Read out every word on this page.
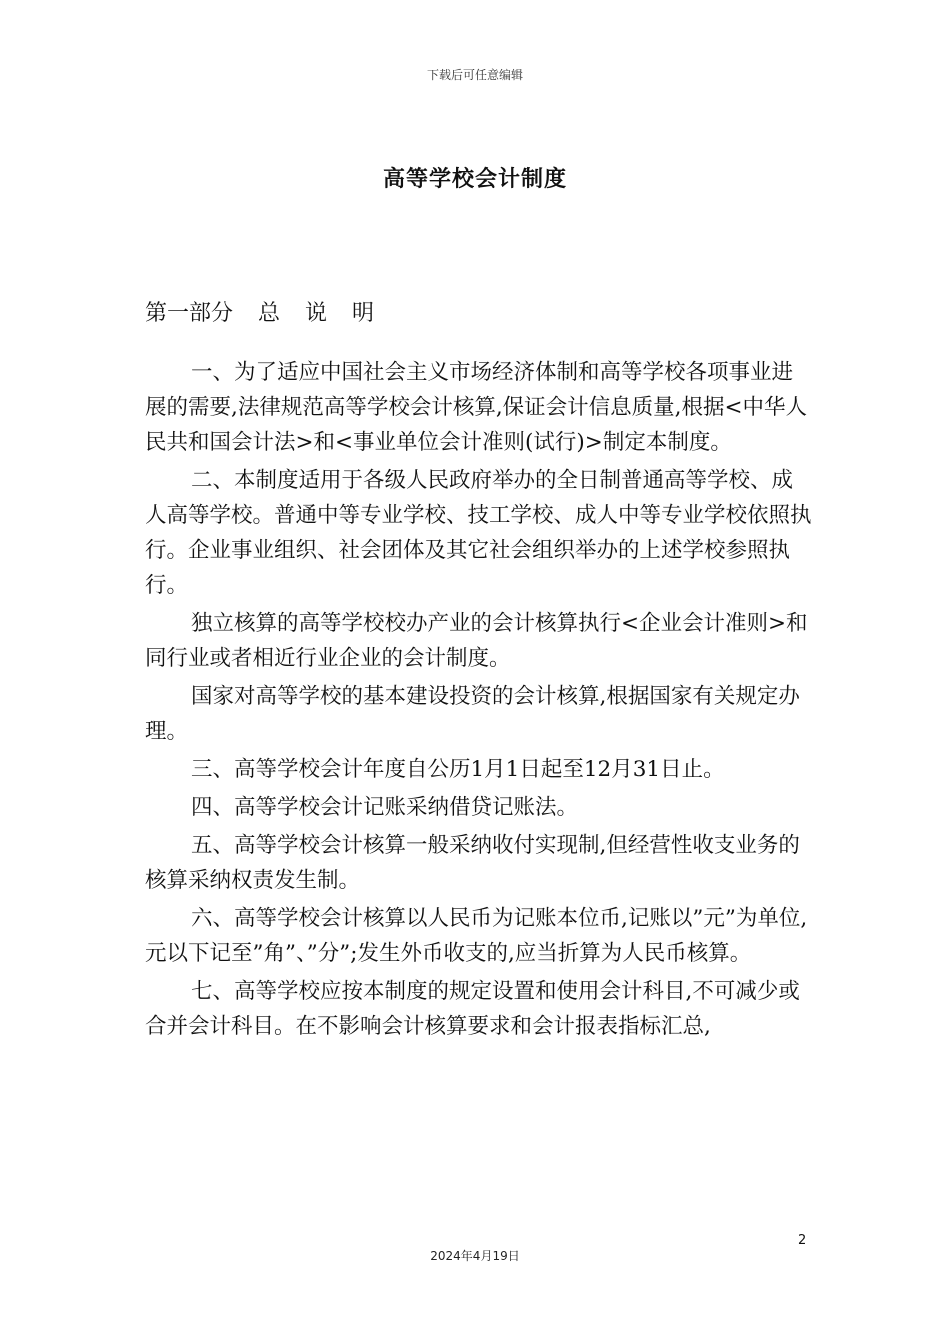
下载后可任意编辑
高等学校会计制度
第一部分 总 说 明

一、为了适应中国社会主义市场经济体制和高等学校各项事业进展的需要,法律规范高等学校会计核算,保证会计信息质量,根据<中华人民共和国会计法>和<事业单位会计准则(试行)>制定本制度。

二、本制度适用于各级人民政府举办的全日制普通高等学校、成人高等学校。普通中等专业学校、技工学校、成人中等专业学校依照执行。企业事业组织、社会团体及其它社会组织举办的上述学校参照执行。

独立核算的高等学校校办产业的会计核算执行<企业会计准则>和同行业或者相近行业企业的会计制度。

国家对高等学校的基本建设投资的会计核算,根据国家有关规定办理。

三、高等学校会计年度自公历1月1日起至12月31日止。

四、高等学校会计记账采纳借贷记账法。

五、高等学校会计核算一般采纳收付实现制,但经营性收支业务的核算采纳权责发生制。

六、高等学校会计核算以人民币为记账本位币,记账以”元”为单位,元以下记至”角”、”分”;发生外币收支的,应当折算为人民币核算。

七、高等学校应按本制度的规定设置和使用会计科目,不可减少或合并会计科目。在不影响会计核算要求和会计报表指标汇总,

2
2024年4月19日
